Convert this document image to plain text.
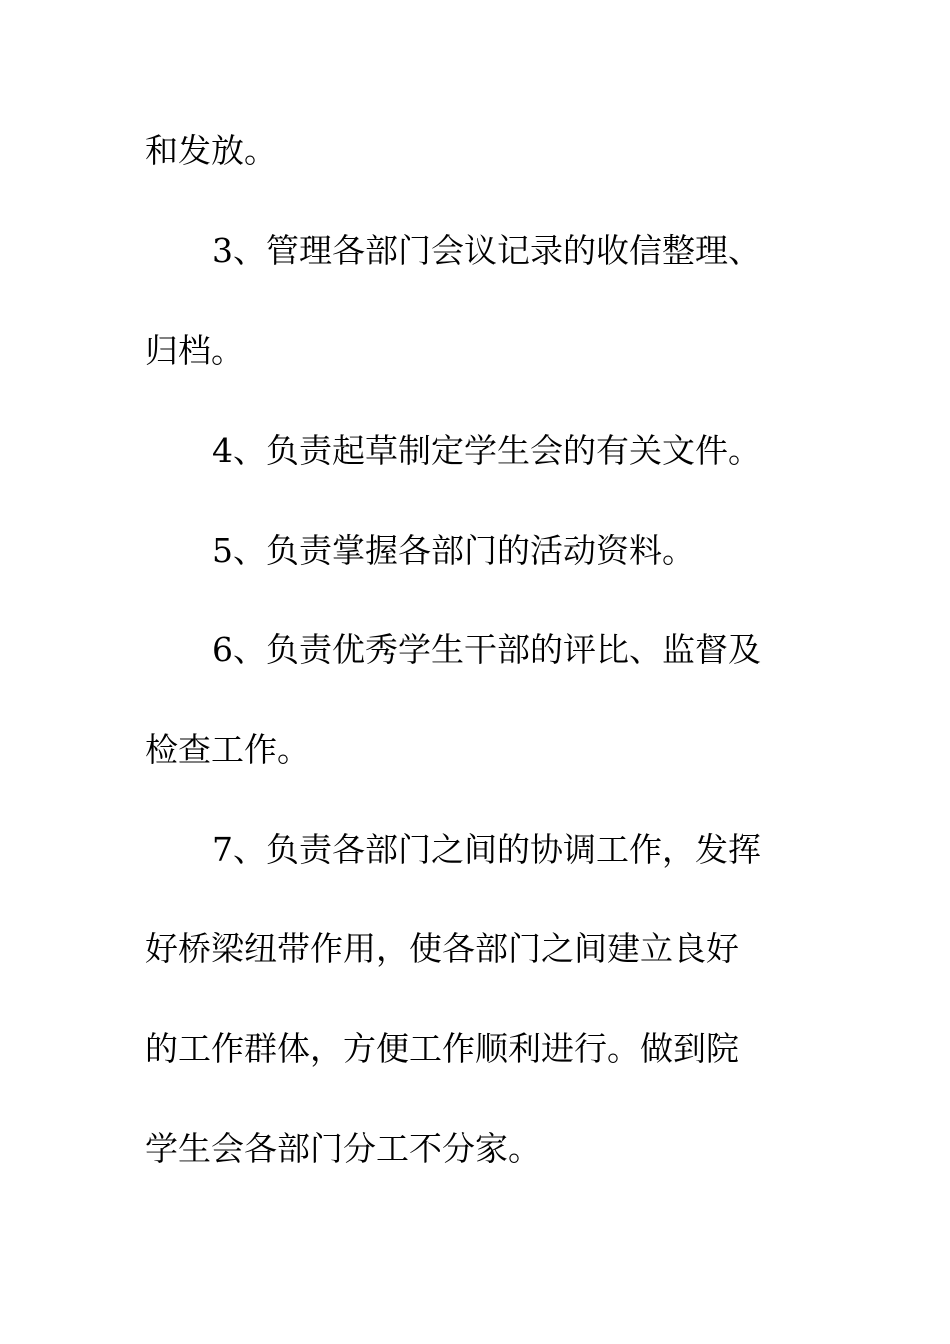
和发放。

3、管理各部门会议记录的收信整理、

归档。

4、负责起草制定学生会的有关文件。

5、负责掌握各部门的活动资料。

6、负责优秀学生干部的评比、监督及

检查工作。

7、负责各部门之间的协调工作，发挥

好桥梁纽带作用，使各部门之间建立良好

的工作群体，方便工作顺利进行。做到院

学生会各部门分工不分家。
